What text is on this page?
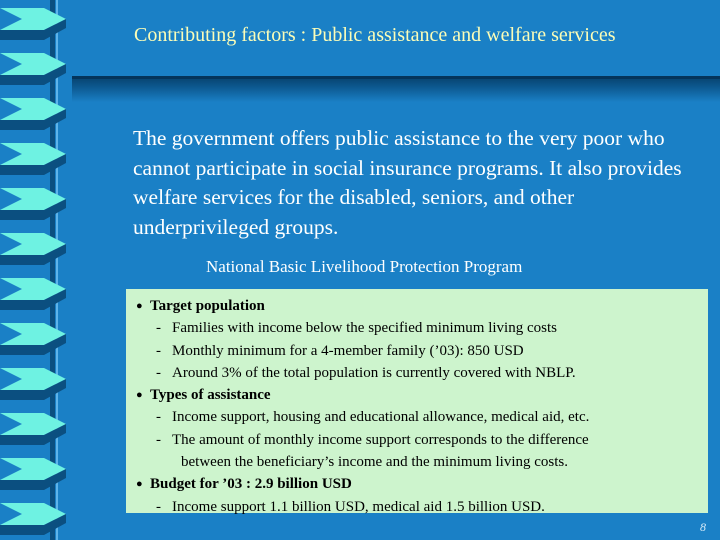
Contributing factors : Public assistance and welfare services
The government offers public assistance to the very poor who cannot participate in social insurance programs. It also provides welfare services for the disabled, seniors, and other underprivileged groups.
National Basic Livelihood Protection Program
● Target population
- Families with income below the specified minimum living costs
- Monthly minimum for a 4-member family (’03): 850 USD
- Around 3% of the total population is currently covered with NBLP.
● Types of assistance
- Income support, housing and educational allowance, medical aid, etc.
- The amount of monthly income support corresponds to the difference
between the beneficiary’s income and the minimum living costs.
● Budget for ’03 : 2.9 billion USD
- Income support 1.1 billion USD, medical aid 1.5 billion USD.
8
